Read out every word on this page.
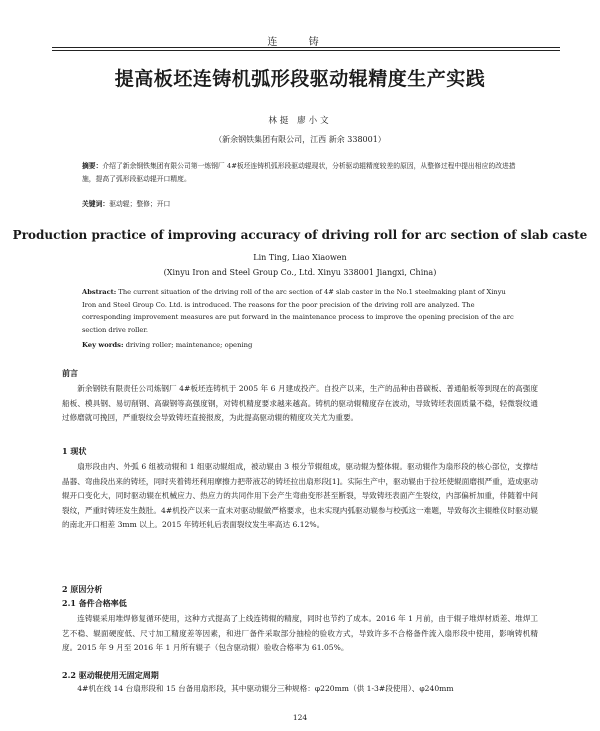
连 铸
提高板坯连铸机弧形段驱动辊精度生产实践
林挺 廖小文
（新余钢铁集团有限公司，江西 新余 338001）
摘要：介绍了新余钢铁集团有限公司第一炼钢厂 4#板坯连铸机弧形段驱动辊现状，分析驱动辊精度较差的原因，从整修过程中提出相应的改进措施，提高了弧形段驱动辊开口精度。
关键词：驱动辊；整修；开口
Production practice of improving accuracy of driving roll for arc section of slab caste
Lin Ting, Liao Xiaowen
(Xinyu Iron and Steel Group Co., Ltd. Xinyu 338001 Jiangxi, China)
Abstract: The current situation of the driving roll of the arc section of 4# slab caster in the No.1 steelmaking plant of Xinyu Iron and Steel Group Co. Ltd. is introduced. The reasons for the poor precision of the driving roll are analyzed. The corresponding improvement measures are put forward in the maintenance process to improve the opening precision of the arc section drive roller.
Key words: driving roller; maintenance; opening
前言
新余钢铁有限责任公司炼钢厂 4#板坯连铸机于 2005 年 6 月建成投产。自投产以来，生产的品种由普碳板、普通船板等到现在的高强度船板、模具钢、易切削钢、高碳钢等高强度钢，对铸机精度要求越来越高。铸机的驱动辊精度存在波动，导致铸坯表面质量不稳，轻微裂纹通过修磨就可挽回，严重裂纹会导致铸坯直接报废，为此提高驱动辊的精度攻关尤为重要。
1 现状
扇形段由内、外弧 6 组被动辊和 1 组驱动辊组成，被动辊由 3 根分节辊组成，驱动辊为整体辊。驱动辊作为扇形段的核心部位，支撑结晶器、弯曲段出来的铸坯，同时夹着铸坯利用摩擦力把带液芯的铸坯拉出扇形段[1]。实际生产中，驱动辊由于拉坯使辊面磨损严重，造成驱动辊开口变化大，同时驱动辊在机械应力、热应力的共同作用下会产生弯曲变形甚至断裂，导致铸坯表面产生裂纹，内部偏析加重，伴随着中间裂纹，严重时铸坯发生鼓肚。4#机投产以来一直未对驱动辊做严格要求，也未实现内弧驱动辊参与校弧这一难题，导致每次主辊维仪时驱动辊的南北开口相差 3mm 以上。2015 年铸坯轧后表面裂纹发生率高达 6.12%。
2 原因分析
2.1 备件合格率低
连铸辊采用堆焊修复循环使用，这种方式提高了上线连铸辊的精度，同时也节约了成本。2016 年 1 月前，由于辊子堆焊材质差、堆焊工艺不稳、辊面硬度低、尺寸加工精度差等因素，和进厂备件采取部分抽检的验收方式，导致许多不合格备件流入扇形段中使用，影响铸机精度。2015 年 9 月至 2016 年 1 月所有辊子（包含驱动辊）验收合格率为 61.05%。
2.2 驱动辊使用无固定周期
4#机在线 14 台扇形段和 15 台备用扇形段，其中驱动辊分三种规格：φ220mm（供 1-3#段使用）、φ240mm
124
